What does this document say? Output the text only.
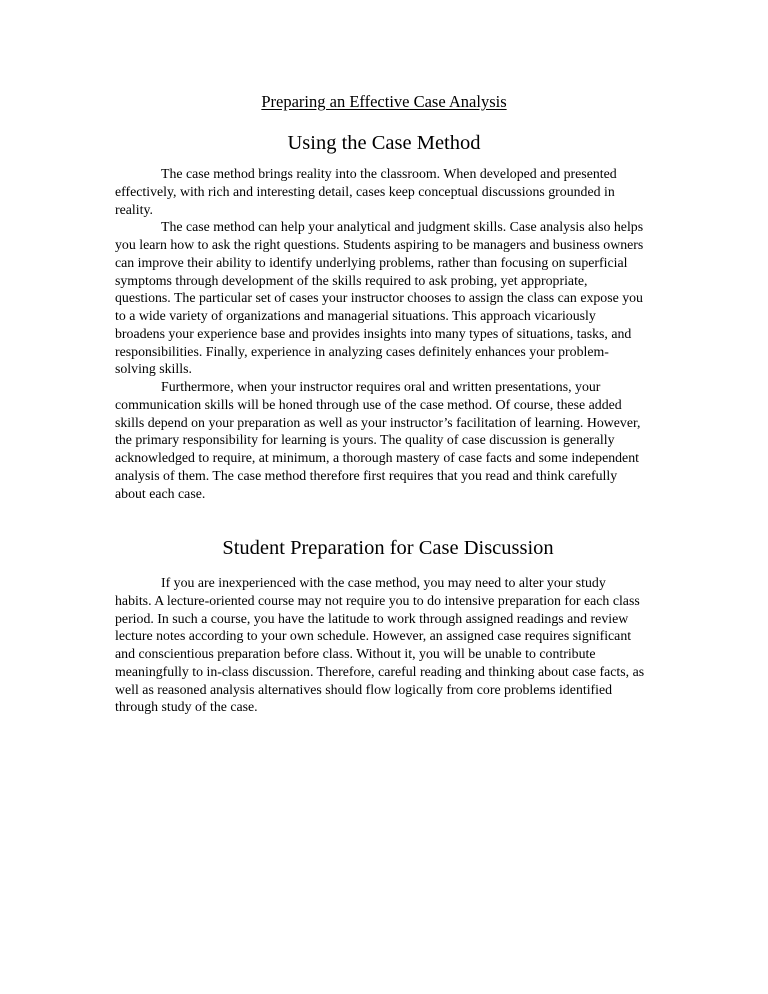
Preparing an Effective Case Analysis
Using the Case Method

The case method brings reality into the classroom. When developed and presented effectively, with rich and interesting detail, cases keep conceptual discussions grounded in reality.

The case method can help your analytical and judgment skills. Case analysis also helps you learn how to ask the right questions. Students aspiring to be managers and business owners can improve their ability to identify underlying problems, rather than focusing on superficial symptoms through development of the skills required to ask probing, yet appropriate, questions. The particular set of cases your instructor chooses to assign the class can expose you to a wide variety of organizations and managerial situations. This approach vicariously broadens your experience base and provides insights into many types of situations, tasks, and responsibilities. Finally, experience in analyzing cases definitely enhances your problem-solving skills.

Furthermore, when your instructor requires oral and written presentations, your communication skills will be honed through use of the case method. Of course, these added skills depend on your preparation as well as your instructor’s facilitation of learning. However, the primary responsibility for learning is yours. The quality of case discussion is generally acknowledged to require, at minimum, a thorough mastery of case facts and some independent analysis of them. The case method therefore first requires that you read and think carefully about each case.

Student Preparation for Case Discussion

If you are inexperienced with the case method, you may need to alter your study habits. A lecture-oriented course may not require you to do intensive preparation for each class period. In such a course, you have the latitude to work through assigned readings and review lecture notes according to your own schedule. However, an assigned case requires significant and conscientious preparation before class. Without it, you will be unable to contribute meaningfully to in-class discussion. Therefore, careful reading and thinking about case facts, as well as reasoned analysis alternatives should flow logically from core problems identified through study of the case.
